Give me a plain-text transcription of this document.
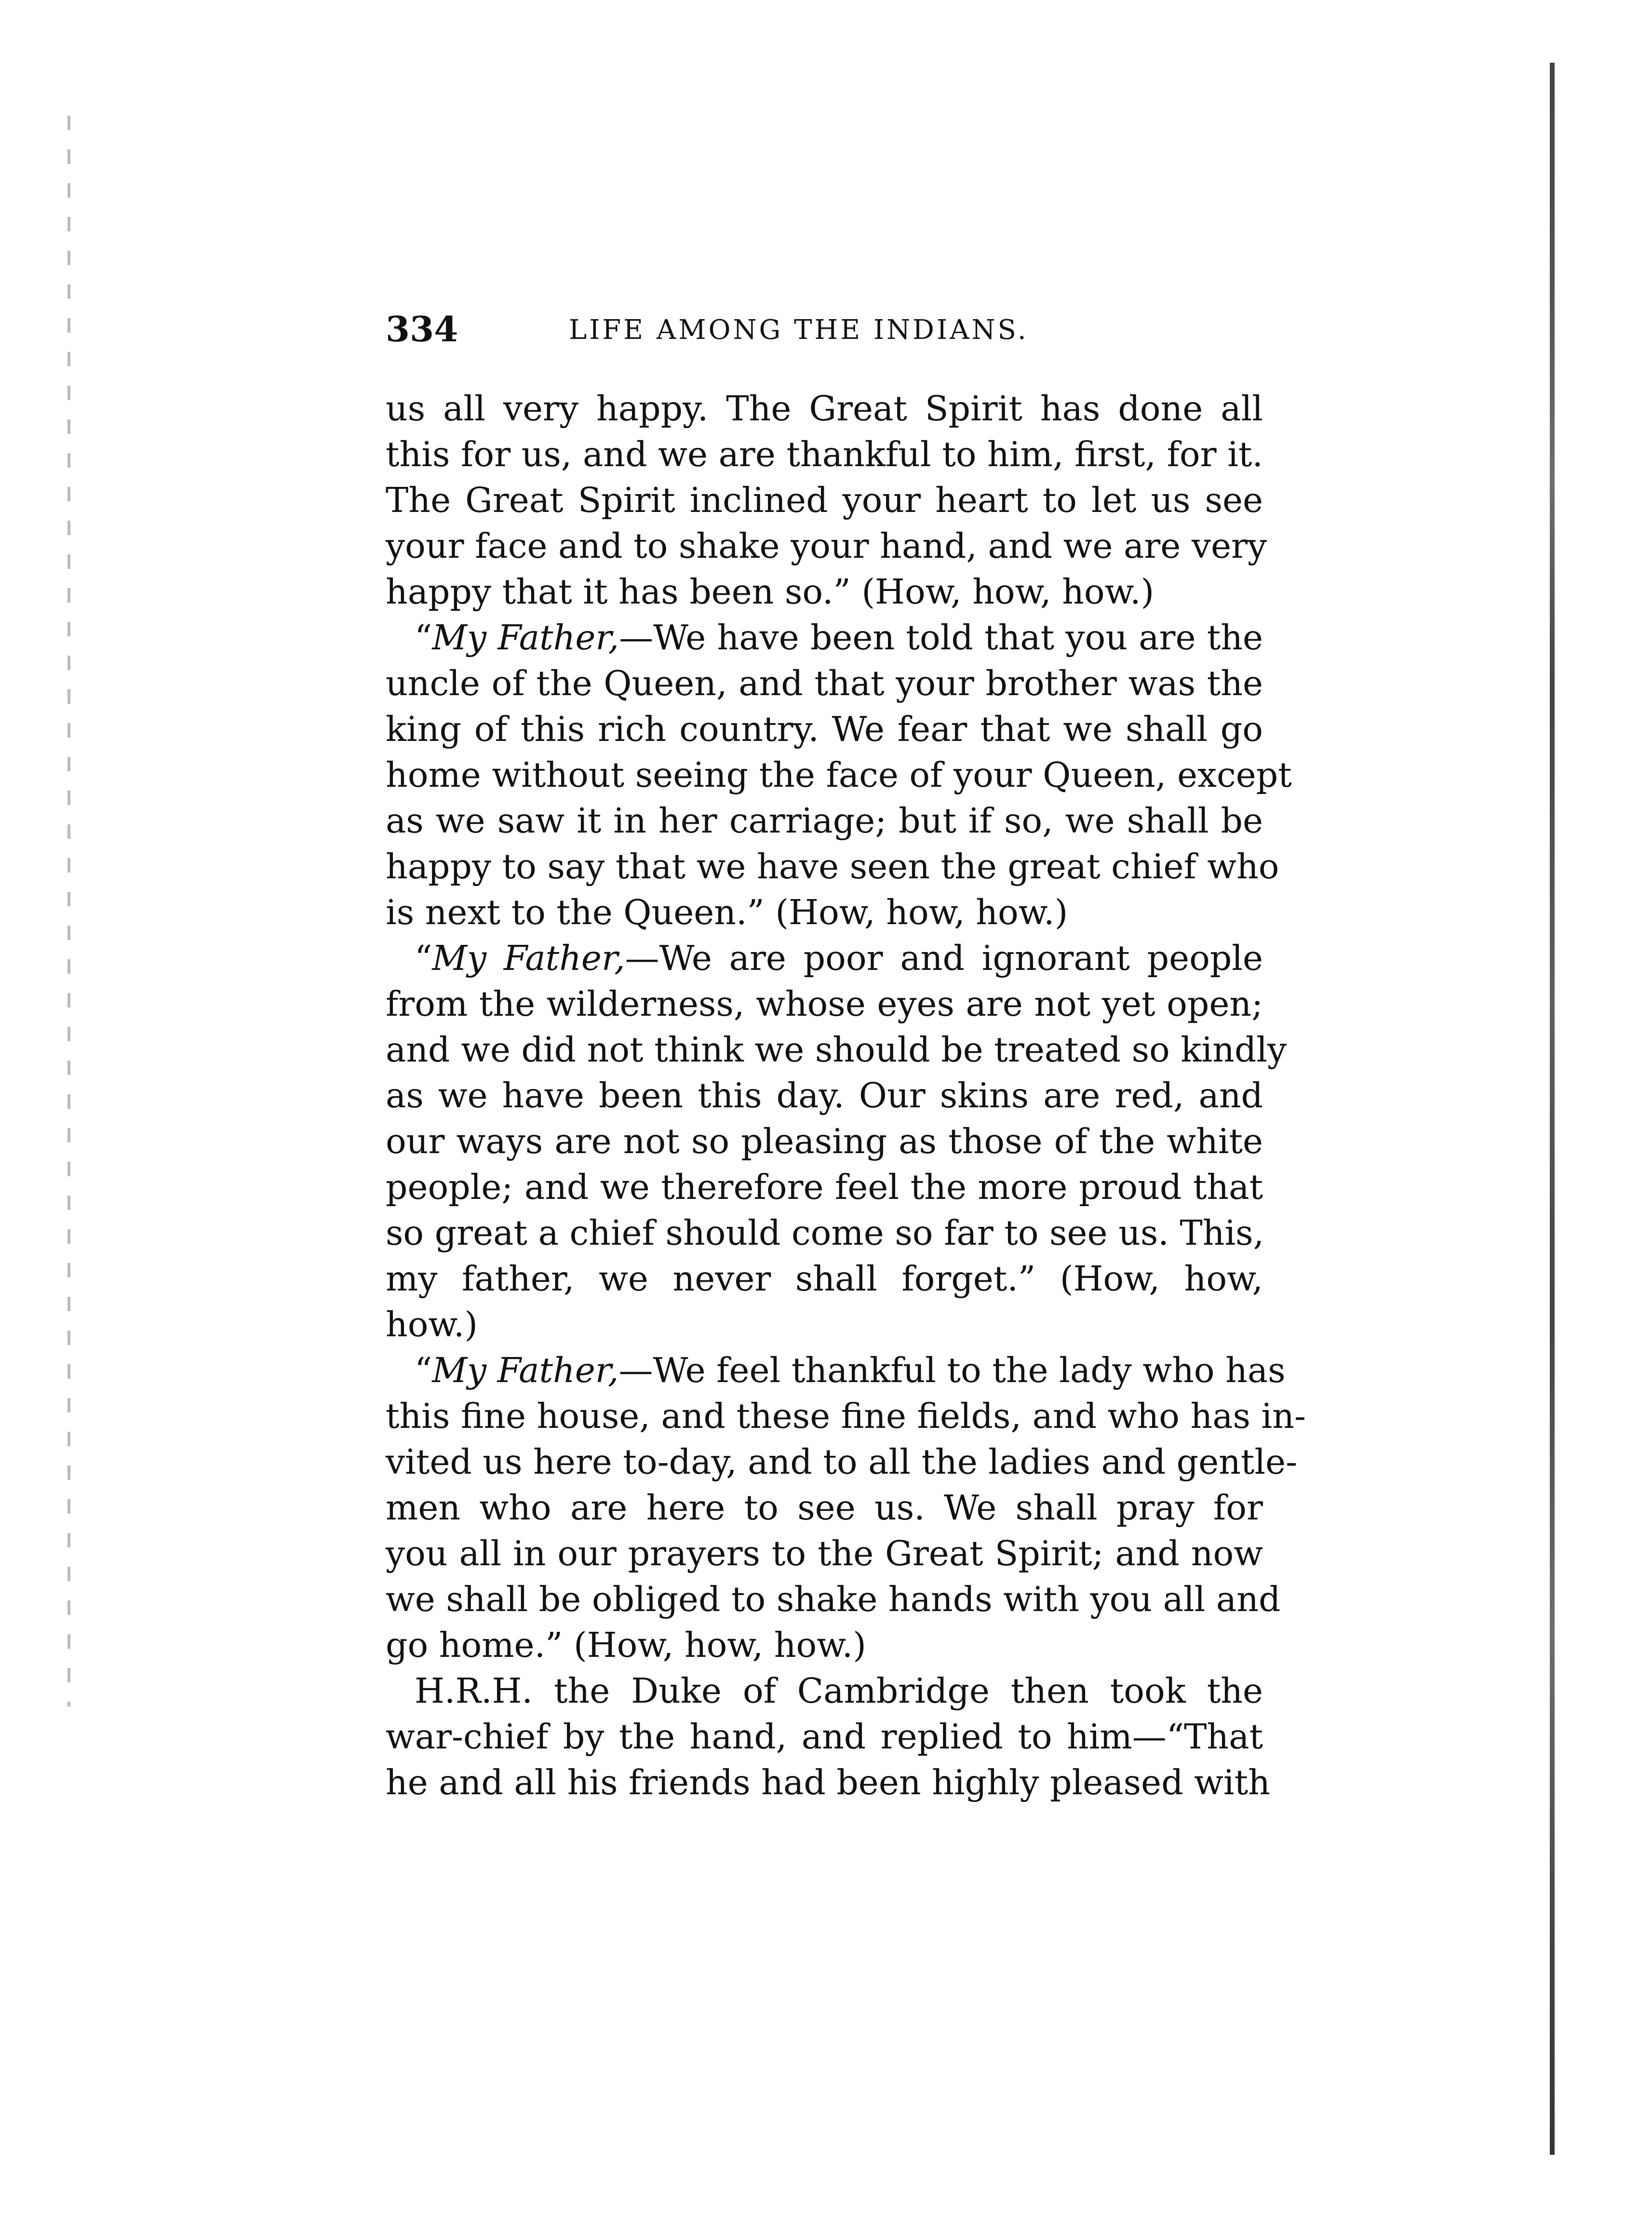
334	LIFE AMONG THE INDIANS.
us all very happy. The Great Spirit has done all
this for us, and we are thankful to him, first, for it.
The Great Spirit inclined your heart to let us see
your face and to shake your hand, and we are very
happy that it has been so.” (How, how, how.)
“My Father,—We have been told that you are the
uncle of the Queen, and that your brother was the
king of this rich country. We fear that we shall go
home without seeing the face of your Queen, except
as we saw it in her carriage; but if so, we shall be
happy to say that we have seen the great chief who
is next to the Queen.” (How, how, how.)
“My Father,—We are poor and ignorant people
from the wilderness, whose eyes are not yet open;
and we did not think we should be treated so kindly
as we have been this day. Our skins are red, and
our ways are not so pleasing as those of the white
people; and we therefore feel the more proud that
so great a chief should come so far to see us. This,
my father, we never shall forget.” (How, how,
how.)
“My Father,—We feel thankful to the lady who has
this fine house, and these fine fields, and who has in-
vited us here to-day, and to all the ladies and gentle-
men who are here to see us. We shall pray for
you all in our prayers to the Great Spirit; and now
we shall be obliged to shake hands with you all and
go home.” (How, how, how.)
H.R.H. the Duke of Cambridge then took the
war-chief by the hand, and replied to him—“That
he and all his friends had been highly pleased with
